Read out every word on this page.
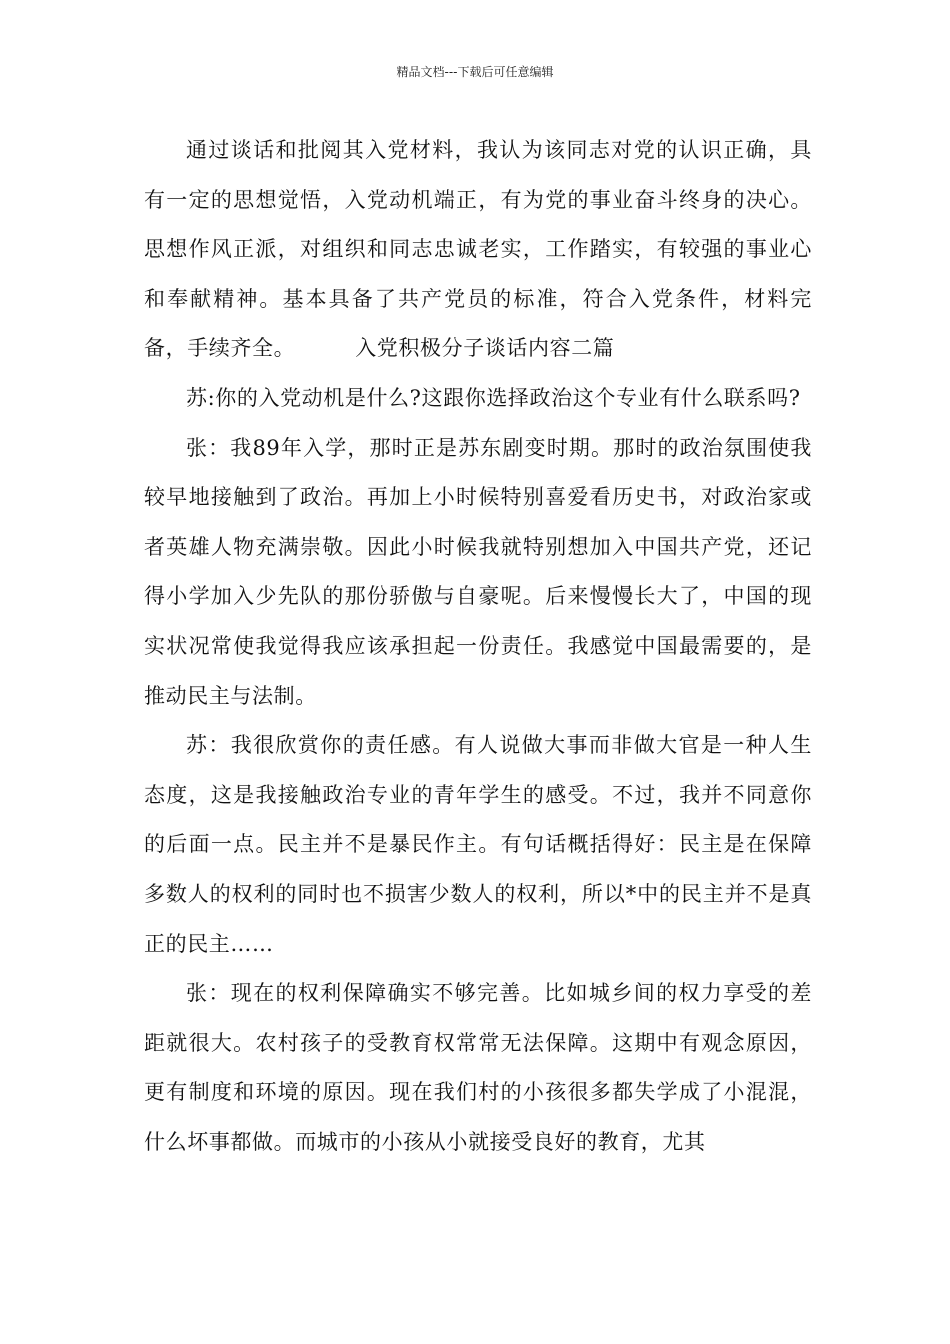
精品文档---下载后可任意编辑

通过谈话和批阅其入党材料，我认为该同志对党的认识正确，具有一定的思想觉悟，入党动机端正，有为党的事业奋斗终身的决心。思想作风正派，对组织和同志忠诚老实，工作踏实，有较强的事业心和奉献精神。基本具备了共产党员的标准，符合入党条件，材料完备，手续齐全。	入党积极分子谈话内容二篇

苏:你的入党动机是什么?这跟你选择政治这个专业有什么联系吗?

张：我89年入学，那时正是苏东剧变时期。那时的政治氛围使我较早地接触到了政治。再加上小时候特别喜爱看历史书，对政治家或者英雄人物充满崇敬。因此小时候我就特别想加入中国共产党，还记得小学加入少先队的那份骄傲与自豪呢。后来慢慢长大了，中国的现实状况常使我觉得我应该承担起一份责任。我感觉中国最需要的，是推动民主与法制。

苏：我很欣赏你的责任感。有人说做大事而非做大官是一种人生态度，这是我接触政治专业的青年学生的感受。不过，我并不同意你的后面一点。民主并不是暴民作主。有句话概括得好：民主是在保障多数人的权利的同时也不损害少数人的权利，所以*中的民主并不是真正的民主……

张：现在的权利保障确实不够完善。比如城乡间的权力享受的差距就很大。农村孩子的受教育权常常无法保障。这期中有观念原因，更有制度和环境的原因。现在我们村的小孩很多都失学成了小混混，什么坏事都做。而城市的小孩从小就接受良好的教育，尤其
